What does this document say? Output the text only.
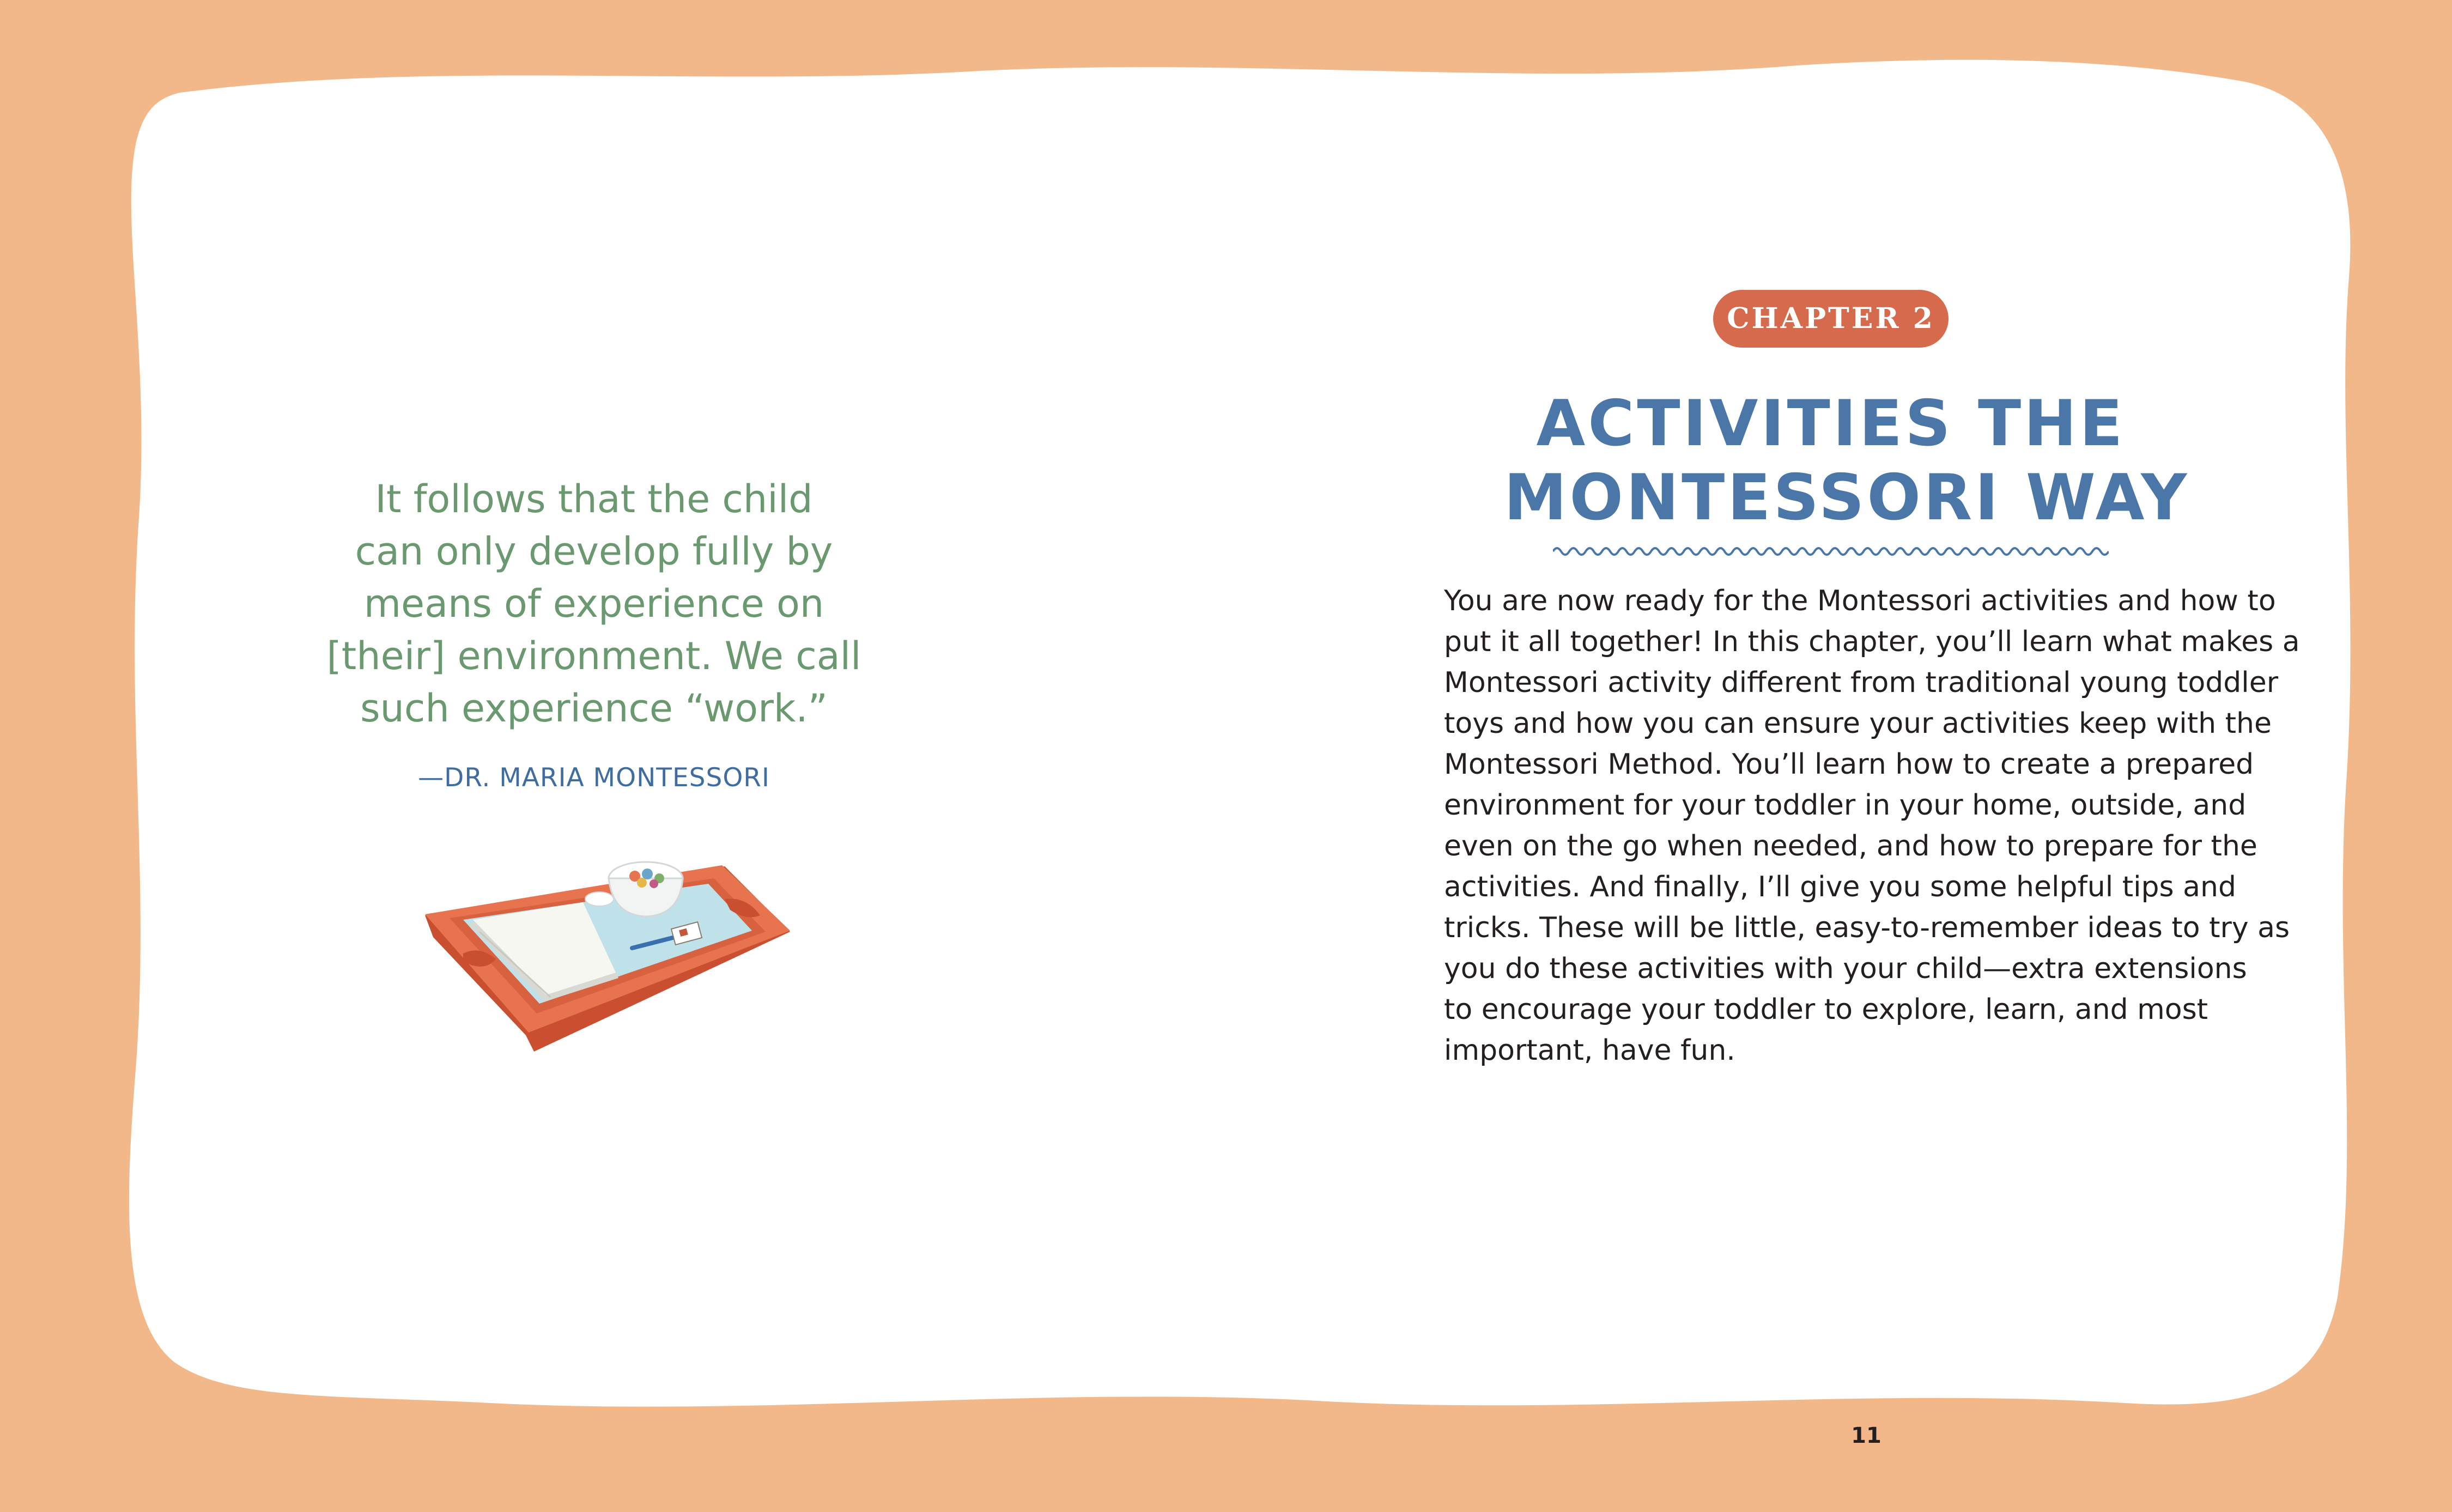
It follows that the child
can only develop fully by
means of experience on
[their] environment. We call
such experience “work.”
—DR. MARIA MONTESSORI
CHAPTER 2
ACTIVITIES THE
MONTESSORI WAY
You are now ready for the Montessori activities and how to
put it all together! In this chapter, you’ll learn what makes a
Montessori activity different from traditional young toddler
toys and how you can ensure your activities keep with the
Montessori Method. You’ll learn how to create a prepared
environment for your toddler in your home, outside, and
even on the go when needed, and how to prepare for the
activities. And finally, I’ll give you some helpful tips and
tricks. These will be little, easy-to-remember ideas to try as
you do these activities with your child—extra extensions
to encourage your toddler to explore, learn, and most
important, have fun.
11
